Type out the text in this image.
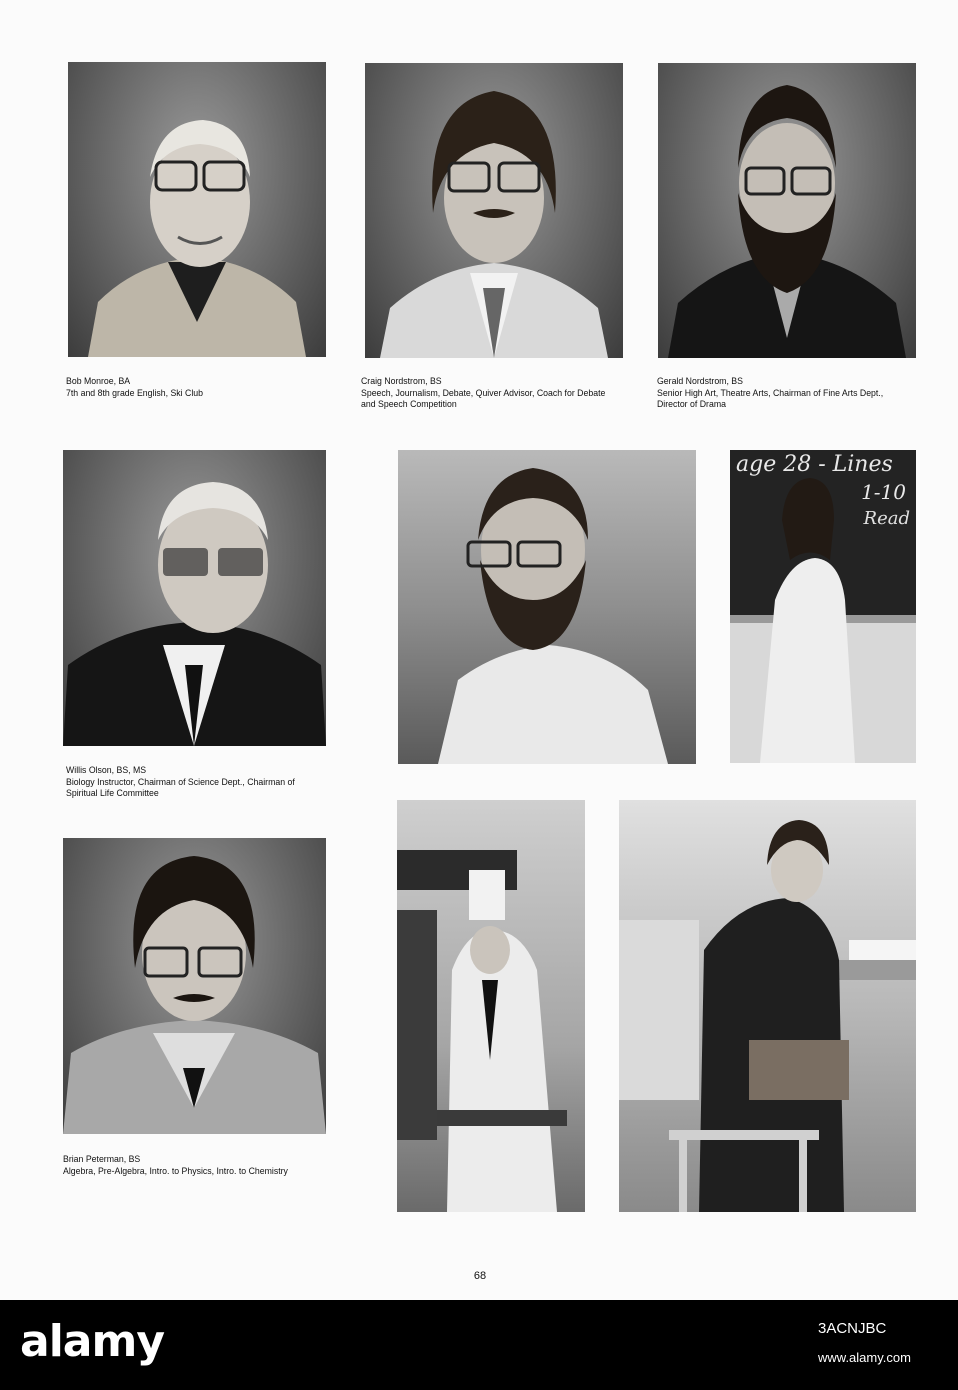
Bob Monroe, BA
7th and 8th grade English, Ski Club
Craig Nordstrom, BS
Speech, Journalism, Debate, Quiver Advisor, Coach for Debate
and Speech Competition
Gerald Nordstrom, BS
Senior High Art, Theatre Arts, Chairman of Fine Arts Dept.,
Director of Drama
age 28 - Lines
1-10
Read
Willis Olson, BS, MS
Biology Instructor, Chairman of Science Dept., Chairman of
Spiritual Life Committee
Brian Peterman, BS
Algebra, Pre-Algebra, Intro. to Physics, Intro. to Chemistry
68
alamy	3ACNJBC
www.alamy.com
